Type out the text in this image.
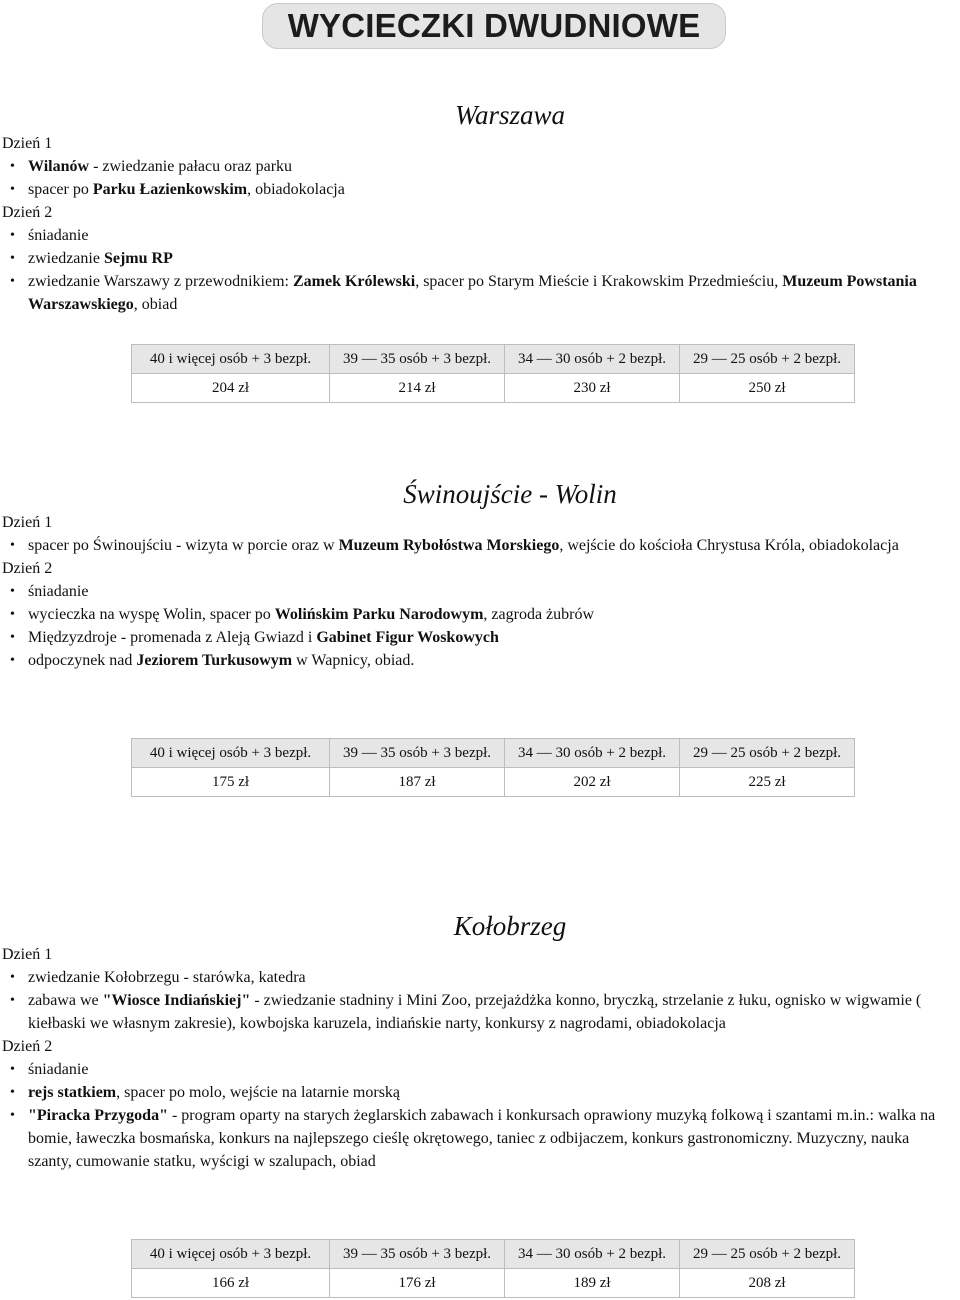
WYCIECZKI DWUDNIOWE
Warszawa
Dzień 1
• Wilanów - zwiedzanie pałacu oraz parku
• spacer po Parku Łazienkowskim, obiadokolacja
Dzień 2
• śniadanie
• zwiedzanie Sejmu RP
• zwiedzanie Warszawy z przewodnikiem: Zamek Królewski, spacer po Starym Mieście i Krakowskim Przedmieściu, Muzeum Powstania Warszawskiego, obiad
40 i więcej osób + 3 bezpł.	39 — 35 osób + 3 bezpł.	34 — 30 osób + 2 bezpł.	29 — 25 osób + 2 bezpł.
204 zł	214 zł	230 zł	250 zł
Świnoujście - Wolin
Dzień 1
• spacer po Świnoujściu - wizyta w porcie oraz w Muzeum Rybołóstwa Morskiego, wejście do kościoła Chrystusa Króla, obiadokolacja
Dzień 2
• śniadanie
• wycieczka na wyspę Wolin, spacer po Wolińskim Parku Narodowym, zagroda żubrów
• Międzyzdroje - promenada z Aleją Gwiazd i Gabinet Figur Woskowych
• odpoczynek nad Jeziorem Turkusowym w Wapnicy, obiad.
40 i więcej osób + 3 bezpł.	39 — 35 osób + 3 bezpł.	34 — 30 osób + 2 bezpł.	29 — 25 osób + 2 bezpł.
175 zł	187 zł	202 zł	225 zł
Kołobrzeg
Dzień 1
• zwiedzanie Kołobrzegu - starówka, katedra
• zabawa we "Wiosce Indiańskiej" - zwiedzanie stadniny i Mini Zoo, przejażdżka konno, bryczką, strzelanie z łuku, ognisko w wigwamie ( kiełbaski we własnym zakresie), kowbojska karuzela, indiańskie narty, konkursy z nagrodami, obiadokolacja
Dzień 2
• śniadanie
• rejs statkiem, spacer po molo, wejście na latarnie morską
• "Piracka Przygoda" - program oparty na starych żeglarskich zabawach i konkursach oprawiony muzyką folkową i szantami m.in.: walka na bomie, ławeczka bosmańska, konkurs na najlepszego cieślę okrętowego, taniec z odbijaczem, konkurs gastronomiczny. Muzyczny, nauka szanty, cumowanie statku, wyścigi w szalupach, obiad
40 i więcej osób + 3 bezpł.	39 — 35 osób + 3 bezpł.	34 — 30 osób + 2 bezpł.	29 — 25 osób + 2 bezpł.
166 zł	176 zł	189 zł	208 zł
